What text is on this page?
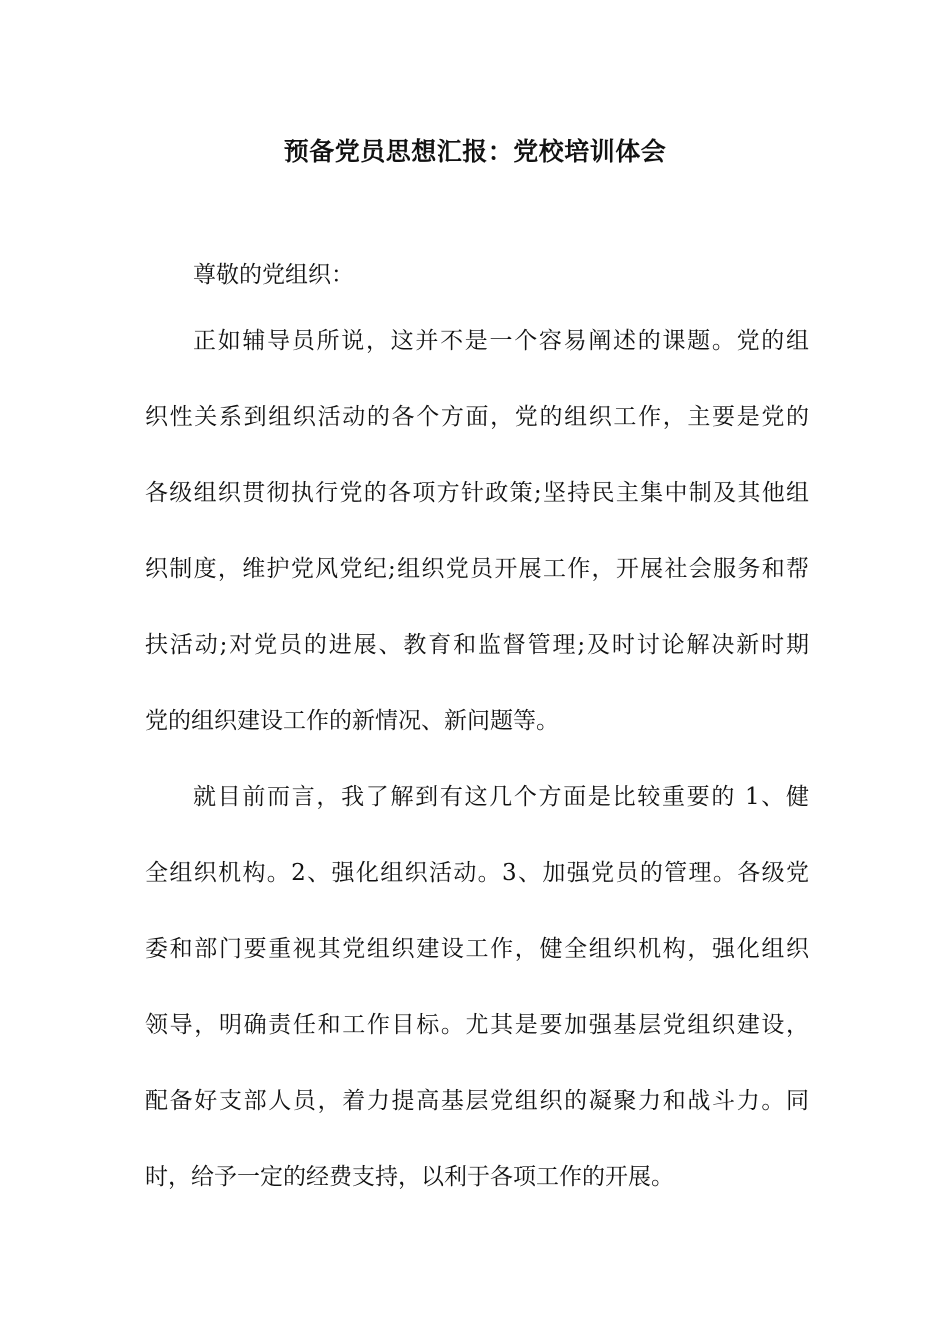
预备党员思想汇报：党校培训体会

尊敬的党组织：

正如辅导员所说，这并不是一个容易阐述的课题。党的组
织性关系到组织活动的各个方面，党的组织工作，主要是党的
各级组织贯彻执行党的各项方针政策;坚持民主集中制及其他组
织制度，维护党风党纪;组织党员开展工作，开展社会服务和帮
扶活动;对党员的进展、教育和监督管理;及时讨论解决新时期
党的组织建设工作的新情况、新问题等。
就目前而言，我了解到有这几个方面是比较重要的 1、健
全组织机构。2、强化组织活动。3、加强党员的管理。各级党
委和部门要重视其党组织建设工作，健全组织机构，强化组织
领导，明确责任和工作目标。尤其是要加强基层党组织建设，
配备好支部人员，着力提高基层党组织的凝聚力和战斗力。同
时，给予一定的经费支持，以利于各项工作的开展。
